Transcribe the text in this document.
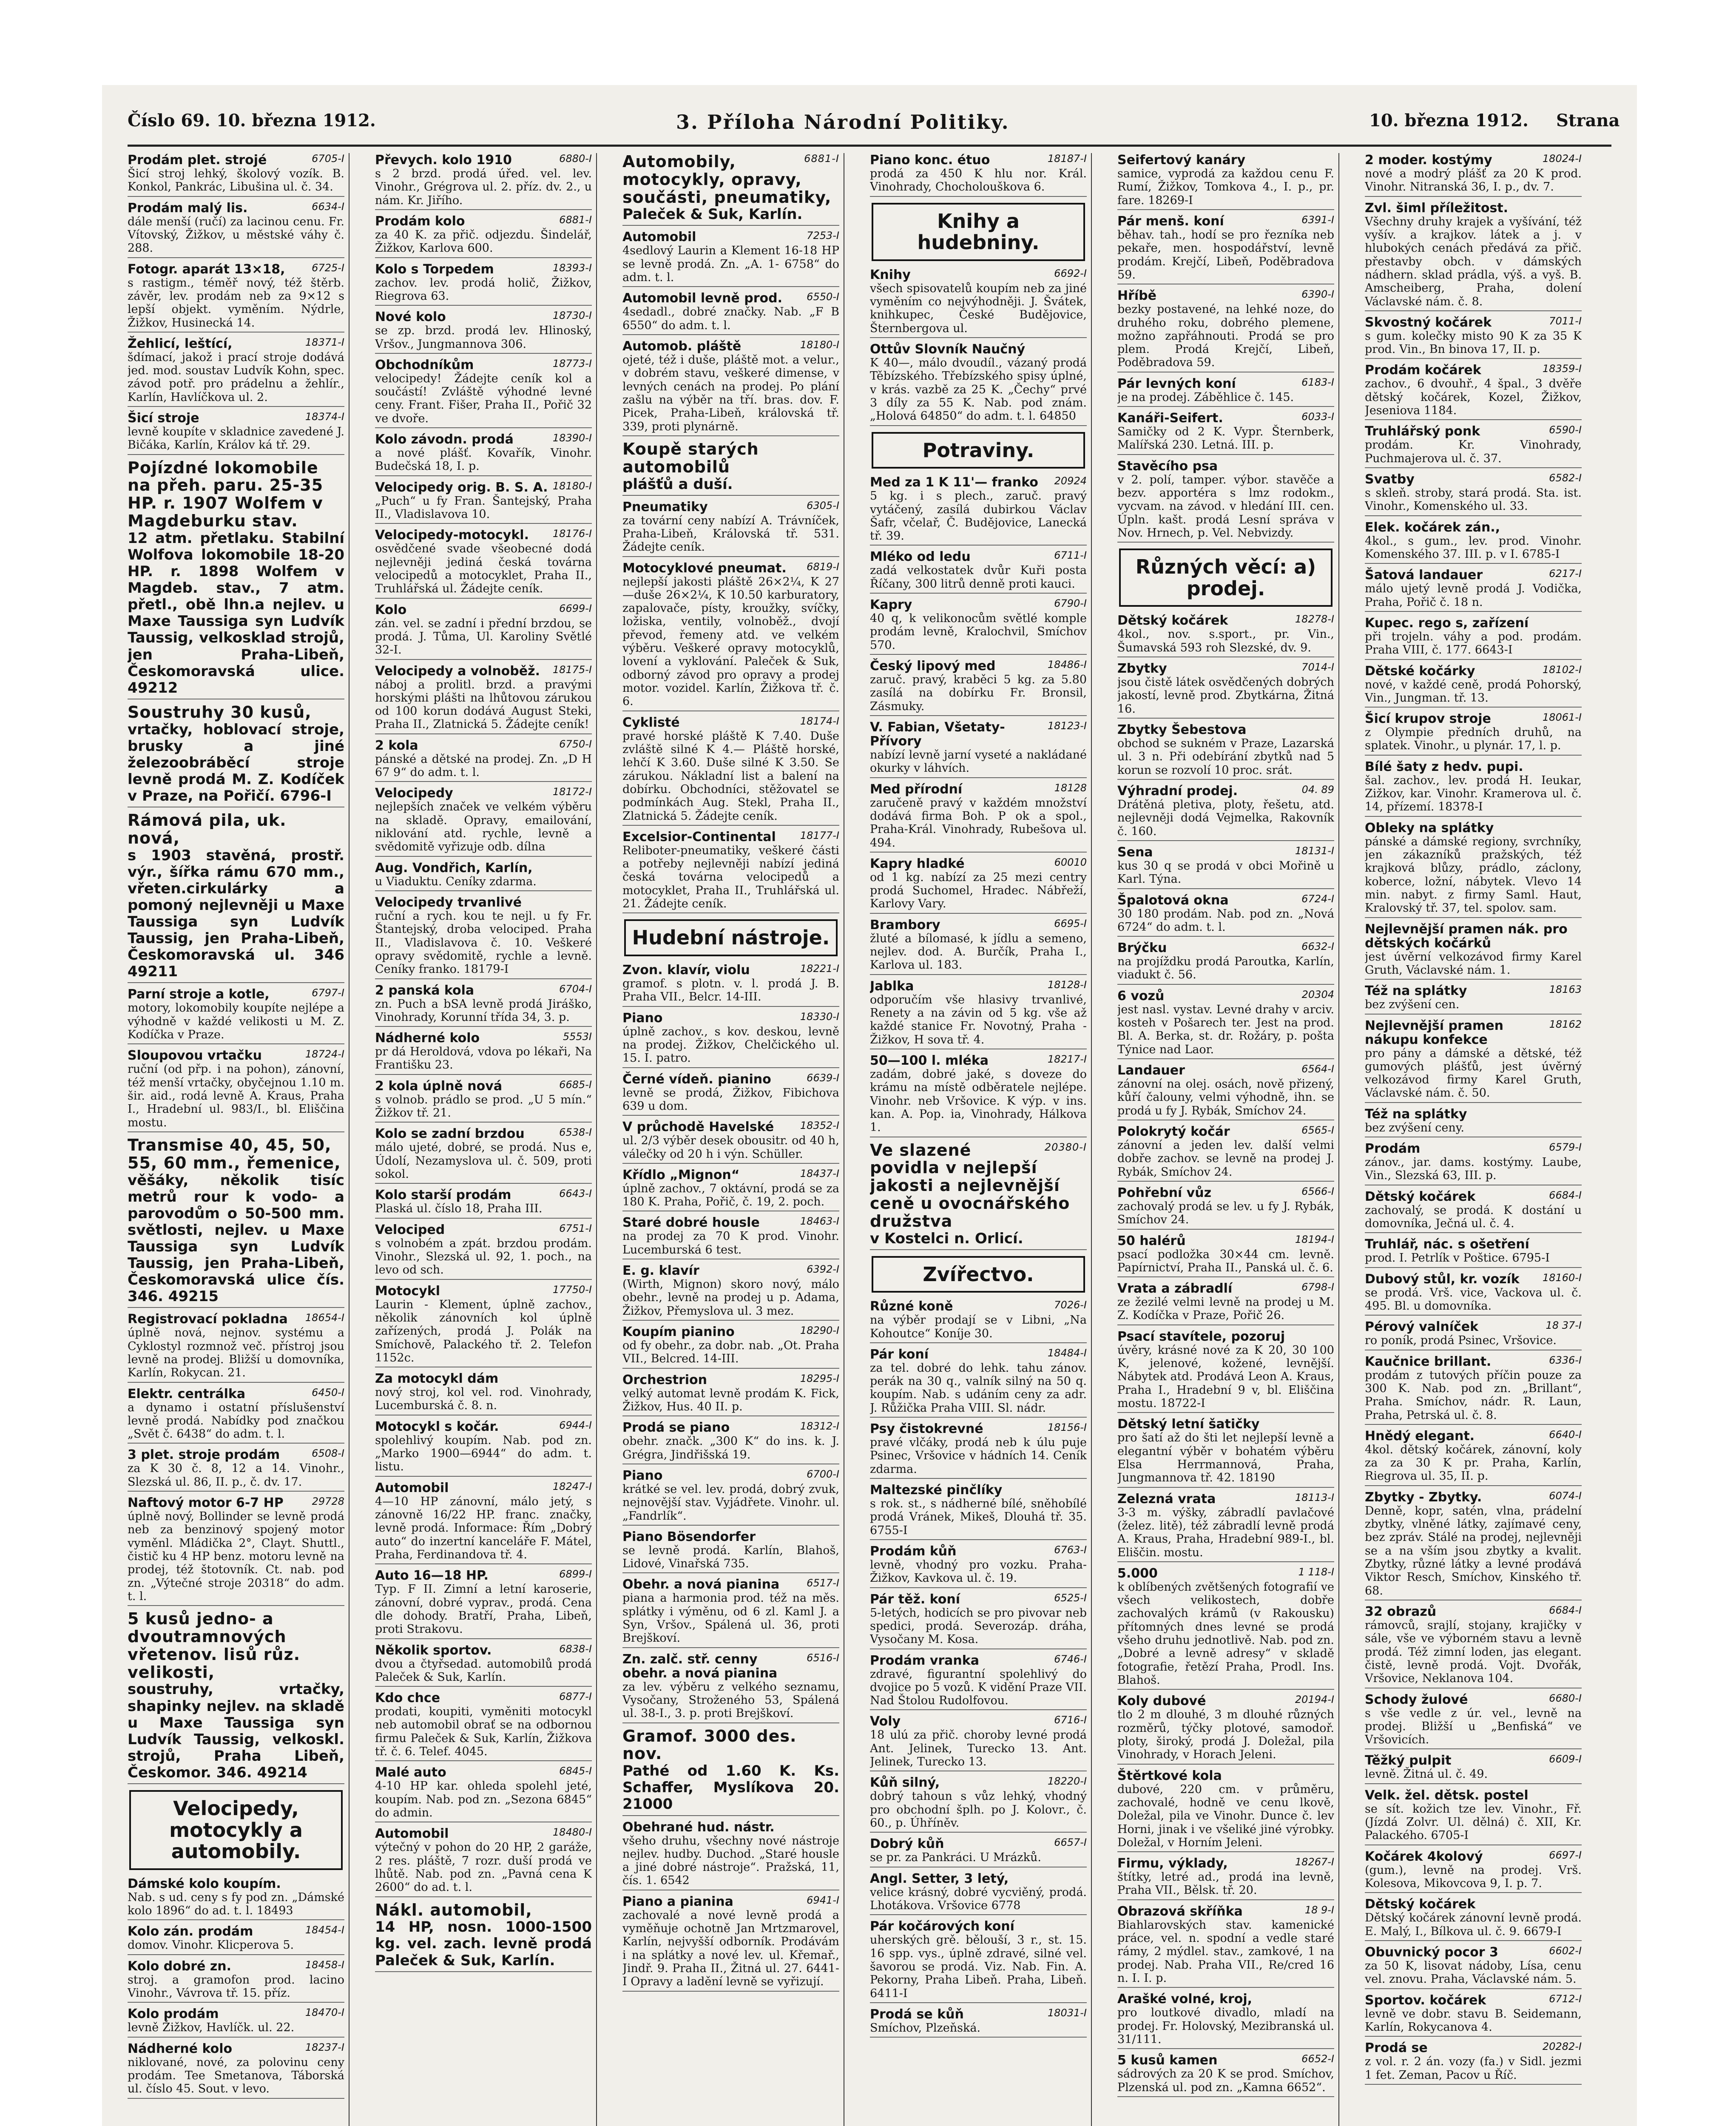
Číslo 69. 10. března 1912.	3. Příloha Národní Politiky.	10. března 1912. Strana
6705-I
Prodám plet. strojé
Šicí stroj lehký, školový vozík. B. Konkol, Pankrác, Libušina ul. č. 34.
6634-I
Prodám malý lis.
dále menší (ručí) za lacinou cenu. Fr. Vítovský, Žižkov, u městské váhy č. 288.
6725-I
Fotogr. aparát 13×18,
s rastigm., téměř nový, též štěrb. závěr, lev. prodám neb za 9×12 s lepší objekt. vyměním. Nýdrle, Žižkov, Husinecká 14.
18371-I
Žehlicí, leštící,
šdímací, jakož i prací stroje dodává jed. mod. soustav Ludvík Kohn, spec. závod potř. pro prádelnu a žehlír., Karlín, Havlíčkova ul. 2.
18374-I
Šicí stroje
levně koupíte v skladnice zavedené J. Bičáka, Karlín, Králov ká tř. 29.
Pojízdné lokomobile na přeh. paru. 25-35 HP. r. 1907 Wolfem v Magdeburku stav.
12 atm. přetlaku. Stabilní Wolfova lokomobile 18-20 HP. r. 1898 Wolfem v Magdeb. stav., 7 atm. přetl., obě lhn.a nejlev. u Maxe Taussiga syn Ludvík Taussig, velkosklad strojů, jen Praha-Libeň, Českomoravská ulice. 49212
Soustruhy 30 kusů,
vrtačky, hoblovací stroje, brusky a jiné železoobráběcí stroje levně prodá M. Z. Kodíček v Praze, na Pořičí. 6796-I
Rámová pila, uk. nová,
s 1903 stavěná, prostř. výr., šířka rámu 670 mm., vřeten.cirkulárky a pomoný nejlevněji u Maxe Taussiga syn Ludvík Taussig, jen Praha-Libeň, Českomoravská ul. 346 49211
6797-I
Parní stroje a kotle,
motory, lokomobily koupíte nejlépe a výhodně v každé velikosti u M. Z. Kodíčka v Praze.
18724-I
Sloupovou vrtačku
ruční (od přp. i na pohon), zánovní, též menší vrtačky, obyčejnou 1.10 m. šir. aid., rodá levně A. Kraus, Praha I., Hradební ul. 983/I., bl. Eliščina mostu.
Transmise 40, 45, 50, 55, 60 mm., řemenice,
věšáky, několik tisíc metrů rour k vodo- a parovodům o 50-500 mm. světlosti, nejlev. u Maxe Taussiga syn Ludvík Taussig, jen Praha-Libeň, Českomoravská ulice čís. 346. 49215
18654-I
Registrovací pokladna
úplně nová, nejnov. systému a Cyklostyl rozmnož več. přístroj jsou levně na prodej. Bližší u domovníka, Karlín, Rokycan. 21.
6450-I
Elektr. centrálka
a dynamo i ostatní příslušenství levně prodá. Nabídky pod značkou „Svět č. 6438“ do adm. t. l.
6508-I
3 plet. stroje prodám
za K 30 č. 8, 12 a 14. Vinohr., Slezská ul. 86, II. p., č. dv. 17.
29728
Naftový motor 6-7 HP
úplně nový, Bollinder se levně prodá neb za benzinový spojený motor vyměnl. Mládička 2°, Clayt. Shuttl., čistič ku 4 HP benz. motoru levně na prodej, též štotovník. Ct. nab. pod zn. „Výtečné stroje 20318“ do adm. t. l.
5 kusů jedno- a dvoutramnových vřetenov. lisů růz. velikosti,
soustruhy, vrtačky, shapinky nejlev. na skladě u Maxe Taussiga syn Ludvík Taussig, velkoskl. strojů, Praha Libeň, Českomor. 346. 49214
Velocipedy, motocykly a automobily.
Dámské kolo koupím.
Nab. s ud. ceny s fy pod zn. „Dámské kolo 1896“ do ad. t. l. 18493
18454-I
Kolo zán. prodám
domov. Vinohr. Klicperova 5.
18458-I
Kolo dobré zn.
stroj. a gramofon prod. lacino Vinohr., Vávrova tř. 15. příz.
18470-I
Kolo prodám
levně Žižkov, Havlíčk. ul. 22.
18237-I
Nádherné kolo
niklované, nové, za polovinu ceny prodám. Tee Smetanova, Táborská ul. číslo 45. Sout. v levo.
6880-I
Převych. kolo 1910
s 2 brzd. prodá úřed. vel. lev. Vinohr., Grégrova ul. 2. příz. dv. 2., u nám. Kr. Jiřího.
6881-I
Prodám kolo
za 40 K. za přič. odjezdu. Šindelář, Žižkov, Karlova 600.
18393-I
Kolo s Torpedem
zachov. lev. prodá holič, Žižkov, Riegrova 63.
18730-I
Nové kolo
se zp. brzd. prodá lev. Hlinoský, Vršov., Jungmannova 306.
18773-I
Obchodníkům
velocipedy! Žádejte ceník kol a součástí! Zvláště výhodné levné ceny. Frant. Fišer, Praha II., Pořič 32 ve dvoře.
18390-I
Kolo závodn. prodá
a nové plášť. Kovařík, Vinohr. Budečská 18, I. p.
18180-I
Velocipedy orig. B. S. A.
„Puch“ u fy Fran. Šantejský, Praha II., Vladislavova 10.
18176-I
Velocipedy-motocykl.
osvědčené svade všeobecné dodá nejlevněji jediná česká továrna velocipedů a motocyklet, Praha II., Truhlářská ul. Žádejte ceník.
6699-I
Kolo
zán. vel. se zadní i přední brzdou, se prodá. J. Tůma, Ul. Karoliny Světlé 32-I.
18175-I
Velocipedy a volnoběž.
náboj a prolitl. brzd. a pravými horskými plášti na lhůtovou zárukou od 100 korun dodává August Steki, Praha II., Zlatnická 5. Žádejte ceník!
6750-I
2 kola
pánské a dětské na prodej. Zn. „D H 67 9“ do adm. t. l.
18172-I
Velocipedy
nejlepších značek ve velkém výběru na skladě. Opravy, emailování, niklování atd. rychle, levně a svědomitě vyřizuje odb. dílna
Aug. Vondřich, Karlín,
u Viaduktu. Ceníky zdarma.
Velocipedy trvanlivé
ruční a rych. kou te nejl. u fy Fr. Štantejský, droba velociped. Praha II., Vladislavova č. 10. Veškeré opravy svědomitě, rychle a levně. Ceníky franko. 18179-I
6704-I
2 panská kola
zn. Puch a bSA levně prodá Jiráško, Vinohrady, Korunní třída 34, 3. p.
5553I
Nádherné kolo
pr dá Heroldová, vdova po lékaři, Na Františku 23.
6685-I
2 kola úplně nová
s volnob. prádlo se prod. „U 5 mín.“ Žižkov tř. 21.
6538-I
Kolo se zadní brzdou
málo ujeté, dobré, se prodá. Nus e, Údolí, Nezamyslova ul. č. 509, proti sokol.
6643-I
Kolo starší prodám
Plaská ul. číslo 18, Praha III.
6751-I
Velociped
s volnobém a zpát. brzdou prodám. Vinohr., Slezská ul. 92, 1. poch., na levo od sch.
17750-I
Motocykl
Laurin - Klement, úplně zachov., několik zánovních kol úplně zařízených, prodá J. Polák na Smíchově, Palackého tř. 2. Telefon 1152c.
Za motocykl dám
nový stroj, kol vel. rod. Vinohrady, Lucemburská č. 8. n.
6944-I
Motocykl s kočár.
spolehlivý koupím. Nab. pod zn. „Marko 1900—6944“ do adm. t. listu.
18247-I
Automobil
4—10 HP zánovní, málo jetý, s zánovně 16/22 HP. franc. značky, levně prodá. Informace: Řím „Dobrý auto“ do inzertní kanceláře F. Mátel, Praha, Ferdinandova tř. 4.
6899-I
Auto 16—18 HP.
Typ. F II. Zimní a letní karoserie, zánovní, dobré vyprav., prodá. Cena dle dohody. Bratří, Praha, Libeň, proti Strakovu.
6838-I
Několik sportov.
dvou a čtyřsedad. automobilů prodá Paleček & Suk, Karlín.
6877-I
Kdo chce
prodati, koupiti, vyměniti motocykl neb automobil obrať se na odbornou firmu Paleček & Suk, Karlín, Žižkova tř. č. 6. Telef. 4045.
6845-I
Malé auto
4-10 HP kar. ohleda spolehl jeté, koupím. Nab. pod zn. „Sezona 6845“ do admin.
18480-I
Automobil
výtečný v pohon do 20 HP, 2 garáže, 2 res. pláště, 7 rozr. duší prodá ve lhůtě. Nab. pod zn. „Pavná cena K 2600“ do ad. t. l.
Nákl. automobil,
14 HP, nosn. 1000-1500 kg. vel. zach. levně prodá Paleček & Suk, Karlín.
6881-I
Automobily, motocykly, opravy, součásti, pneumatiky,
Paleček & Suk, Karlín.
7253-I
Automobil
4sedlový Laurin a Klement 16-18 HP se levně prodá. Zn. „A. 1- 6758“ do adm. t. l.
6550-I
Automobil levně prod.
4sedadl., dobré značky. Nab. „F B 6550“ do adm. t. l.
18180-I
Automob. pláště
ojeté, též i duše, pláště mot. a velur., v dobrém stavu, veškeré dimense, v levných cenách na prodej. Po plání zašlu na výběr na tří. bras. dov. F. Picek, Praha-Libeň, královská tř. 339, proti plynárně.
Koupě starých automobilů
plášťů a duší.
6305-I
Pneumatiky
za tovární ceny nabízí A. Trávníček, Praha-Libeň, Královská tř. 531. Žádejte ceník.
6819-I
Motocyklové pneumat.
nejlepší jakosti pláště 26×2¼, K 27—duše 26×2¼, K 10.50 karburatory, zapalovače, písty, kroužky, svíčky, ložiska, ventily, volnoběž., dvojí převod, řemeny atd. ve velkém výběru. Veškeré opravy motocyklů, lovení a vyklování. Paleček & Suk, odborný závod pro opravy a prodej motor. vozidel. Karlín, Žižkova tř. č. 6.
18174-I
Cyklisté
pravé horské pláště K 7.40. Duše zvláště silné K 4.— Pláště horské, lehčí K 3.60. Duše silné K 3.50. Se zárukou. Nákladní list a balení na dobírku. Obchodníci, stěžovatel se podmínkách Aug. Stekl, Praha II., Zlatnická 5. Žádejte ceník.
18177-I
Excelsior-Continental
Reliboter-pneumatiky, veškeré části a potřeby nejlevněji nabízí jediná česká továrna velocipedů a motocyklet, Praha II., Truhlářská ul. 21. Žádejte ceník.
Hudební nástroje.
18221-I
Zvon. klavír, violu
gramof. s plotn. v. l. prodá J. B. Praha VII., Belcr. 14-III.
18330-I
Piano
úplně zachov., s kov. deskou, levně na prodej. Žižkov, Chelčického ul. 15. I. patro.
6639-I
Černé vídeň. pianino
levně se prodá, Žižkov, Fibichova 639 u dom.
18352-I
V průchodě Havelské
ul. 2/3 výběr desek obousitr. od 40 h, válečky od 20 h i výn. Schüller.
18437-I
Křídlo „Mignon“
úplně zachov., 7 oktávní, prodá se za 180 K. Praha, Pořič, č. 19, 2. poch.
18463-I
Staré dobré housle
na prodej za 70 K prod. Vinohr. Lucemburská 6 test.
6392-I
E. g. klavír
(Wirth, Mignon) skoro nový, málo obehr., levně na prodej u p. Adama, Žižkov, Přemyslova ul. 3 mez.
18290-I
Koupím pianino
od fy obehr., za dobr. nab. „Ot. Praha VII., Belcred. 14-III.
18295-I
Orchestrion
velký automat levně prodám K. Fick, Žižkov, Hus. 40 II. p.
18312-I
Prodá se piano
obehr. značk. „300 K“ do ins. k. J. Grégra, Jindřišská 19.
6700-I
Piano
krátké se vel. lev. prodá, dobrý zvuk, nejnovější stav. Vyjádřete. Vinohr. ul. „Fandrlík“.
Piano Bösendorfer
se levně prodá. Karlín, Blahoš, Lidové, Vinařská 735.
6517-I
Obehr. a nová pianina
piana a harmonia prod. též na měs. splátky i výměnu, od 6 zl. Kaml J. a Syn, Vršov., Spálená ul. 36, proti Brejškoví.
6516-I
Zn. zalč. stř. cenny obehr. a nová pianina
za lev. výběru z velkého seznamu, Vysočany, Stroženého 53, Spálená ul. 38-I., 3. p. proti Brejškoví.
Gramof. 3000 des. nov.
Pathé od 1.60 K. Ks. Schaffer, Myslíkova 20. 21000
Obehrané hud. nástr.
všeho druhu, všechny nové nástroje nejlev. hudby. Duchod. „Staré housle a jiné dobré nástroje“. Pražská, 11, čís. 1. 6542
6941-I
Piano a pianina
zachovalé a nové levně prodá a vyměňuje ochotně Jan Mrtzmarovel, Karlín, nejvyšší odborník. Prodávám i na splátky a nové lev. ul. Křemař., Jindř. 9. Praha II., Žitná ul. 27. 6441-I Opravy a ladění levně se vyřizují.
18187-I
Piano konc. étuo
prodá za 450 K hlu nor. Král. Vinohrady, Chocholouškova 6.
Knihy a hudebniny.
6692-I
Knihy
všech spisovatelů koupím neb za jiné vyměním co nejvýhodněji. J. Švátek, knihkupec, České Budějovice, Šternbergova ul.
Ottův Slovník Naučný
K 40—, málo dvoudíl., vázaný prodá Těbízského. Třebízského spisy úplné, v krás. vazbě za 25 K. „Čechy“ prvé 3 díly za 55 K. Nab. pod znám. „Holová 64850“ do adm. t. l. 64850
Potraviny.
20924
Med za 1 K 11'— franko
5 kg. i s plech., zaruč. pravý vytáčený, zasílá dubirkou Václav Šafr, včelař, Č. Budějovice, Lanecká tř. 39.
6711-I
Mléko od ledu
zadá velkostatek dvůr Kuři posta Říčany, 300 litrů denně proti kauci.
6790-I
Kapry
40 q, k velikonocům světlé komple prodám levně, Kralochvil, Smíchov 570.
18486-I
Český lipový med
zaruč. pravý, kraběci 5 kg. za 5.80 zasílá na dobírku Fr. Bronsil, Zásmuky.
18123-I
V. Fabian, Všetaty-Přívory
nabízí levně jarní vyseté a nakládané okurky v láhvích.
18128
Med přírodní
zaručeně pravý v každém množství dodává firma Boh. P ok a spol., Praha-Král. Vinohrady, Rubešova ul. 494.
60010
Kapry hladké
od 1 kg. nabízí za 25 mezi centry prodá Suchomel, Hradec. Nábřeží, Karlovy Vary.
6695-I
Brambory
žluté a bílomasé, k jídlu a semeno, nejlev. dod. A. Burčík, Praha I., Karlova ul. 183.
18128-I
Jablka
odporučím vše hlasivy trvanlivé, Renety a na závin od 5 kg. vše až každé stanice Fr. Novotný, Praha - Žižkov, H sova tř. 4.
18217-I
50—100 l. mléka
zadám, dobré jaké, s doveze do krámu na místě odběratele nejlépe. Vinohr. neb Vršovice. K výp. v ins. kan. A. Pop. ia, Vinohrady, Hálkova 1.
20380-I
Ve slazené povidla v nejlepší jakosti a nejlevnější ceně u ovocnářského družstva
v Kostelci n. Orlicí.
Zvířectvo.
7026-I
Různé koně
na výběr prodají se v Libni, „Na Kohoutce“ Koníje 30.
18484-I
Pár koní
za tel. dobré do lehk. tahu zánov. perák na 30 q., valník silný na 50 q. koupím. Nab. s udáním ceny za adr. J. Růžička Praha VIII. Sl. nádr.
18156-I
Psy čistokrevné
pravé vlčáky, prodá neb k úlu puje Psinec, Vršovice v hádních 14. Ceník zdarma.
Maltezské pinčlíky
s rok. st., s nádherné bílé, sněhobílé prodá Vránek, Mikeš, Dlouhá tř. 35. 6755-I
6763-I
Prodám kůň
levně, vhodný pro vozku. Praha-Žižkov, Kavkova ul. č. 19.
6525-I
Pár těž. koní
5-letých, hodicích se pro pivovar neb spedici, prodá. Severozáp. dráha, Vysočany M. Kosa.
6746-I
Prodám vranka
zdravé, figurantní spolehlivý do dvojice po 5 vozů. K vidění Praze VII. Nad Štolou Rudolfovou.
6716-I
Voly
18 ulú za přič. choroby levné prodá Ant. Jelinek, Turecko 13. Ant. Jelinek, Turecko 13.
18220-I
Kůň silný,
dobrý tahoun s vůz lehký, vhodný pro obchodní šplh. po J. Kolovr., č. 60., p. Úhříněv.
6657-I
Dobrý kůň
se pr. za Pankráci. U Mrázků.
Angl. Setter, 3 letý,
velice krásný, dobré vycviěný, prodá. Lhotákova. Vršovice 6778
Pár kočárových koní
uherských grě. bělouší, 3 r., st. 15. 16 spp. vys., úplně zdravé, silné vel. šavorou se prodá. Viz. Nab. Fin. A. Pekorny, Praha Libeň. Praha, Libeň. 6411-I
18031-I
Prodá se kůň
Smíchov, Plzeňská.
Seifertový kanáry
samice, vyprodá za každou cenu F. Rumí, Žižkov, Tomkova 4., I. p., pr. fare. 18269-I
6391-I
Pár menš. koní
běhav. tah., hodí se pro řezníka neb pekaře, men. hospodářství, levně prodám. Krejčí, Libeň, Poděbradova 59.
6390-I
Hříbě
bezky postavené, na lehké noze, do druhého roku, dobrého plemene, možno zapřáhnouti. Prodá se pro plem. Prodá Krejčí, Libeň, Poděbradova 59.
6183-I
Pár levných koní
je na prodej. Záběhlice č. 145.
6033-I
Kanáři-Seifert.
Samičky od 2 K. Vypr. Šternberk, Malířská 230. Letná. III. p.
Stavěcího psa
v 2. polí, tamper. výbor. stavěče a bezv. apportéra s lmz rodokm., vycvam. na závod. v hledání III. cen. Úpln. kašt. prodá Lesní správa v Nov. Hrnech, p. Vel. Nebvizdy.
Různých věcí: a) prodej.
18278-I
Dětský kočárek
4kol., nov. s.sport., pr. Vin., Šumavská 593 roh Slezské, dv. 9.
7014-I
Zbytky
jsou čistě látek osvědčených dobrých jakostí, levně prod. Zbytkárna, Žitná 16.
Zbytky Šebestova
obchod se sukném v Praze, Lazarská ul. 3 n. Při odebírání zbytků nad 5 korun se rozvolí 10 proc. srát.
04. 89
Výhradní prodej.
Drátěná pletiva, ploty, řešetu, atd. nejlevněji dodá Vejmelka, Rakovník č. 160.
18131-I
Sena
kus 30 q se prodá v obci Mořině u Karl. Týna.
6724-I
Špalotová okna
30 180 prodám. Nab. pod zn. „Nová 6724“ do adm. t. l.
6632-I
Brýčku
na projíždku prodá Paroutka, Karlín, viadukt č. 56.
20304
6 vozů
jest nasl. vystav. Levné drahy v arciv. kosteh v Pošarech ter. Jest na prod. Bl. A. Berka, st. dr. Rožáry, p. pošta Týnice nad Laor.
6564-I
Landauer
zánovní na olej. osách, nově přizený, kůří čalouny, velmi výhodně, ihn. se prodá u fy J. Rybák, Smíchov 24.
6565-I
Polokrytý kočár
zánovní a jeden lev. další velmi dobře zachov. se levně na prodej J. Rybák, Smíchov 24.
6566-I
Pohřební vůz
zachovalý prodá se lev. u fy J. Rybák, Smíchov 24.
18194-I
50 halérů
psací podložka 30×44 cm. levně. Papírnictví, Praha II., Panská ul. č. 6.
6798-I
Vrata a zábradlí
ze žezilé velmi levně na prodej u M. Z. Kodíčka v Praze, Pořič 26.
Psací stavítele, pozoruj
úvěry, krásné nové za K 20, 30 100 K, jelenové, kožené, levnější. Nábytek atd. Prodává Leon A. Kraus, Praha I., Hradební 9 v, bl. Eliščina mostu. 18722-I
Dětský letní šatičky
pro šatí až do šti let nejlepší levně a elegantní výběr v bohatém výběru Elsa Herrmannová, Praha, Jungmannova tř. 42. 18190
18113-I
Zelezná vrata
3-3 m. výšky, zábradlí pavlačové (želez. litě), též zábradlí levně prodá A. Kraus, Praha, Hradební 989-I., bl. Eliščin. mostu.
1 118-I
5.000
k oblíbených zvětšených fotografií ve všech velikostech, dobře zachovalých krámů (v Rakousku) přítomných dnes levné se prodá všeho druhu jednotlivě. Nab. pod zn. „Dobré a levně adresy“ v skladě fotografie, řetězí Praha, Prodl. Ins. Blahoš.
20194-I
Koly dubové
tlo 2 m dlouhé, 3 m dlouhé různých rozměrů, týčky plotové, samodoř. ploty, široký, prodá J. Doležal, pila Vinohrady, v Horach Jeleni.
Štěrtkové kola
dubové, 220 cm. v průměru, zachovalé, hodně ve cenu lkově, Doležal, pila ve Vinohr. Dunce č. lev Horni, jinak i ve všeliké jiné výrobky. Doležal, v Horním Jeleni.
18267-I
Firmu, výklady,
štítky, letré ad., prodá ina levně, Praha VII., Bělsk. tř. 20.
18 9-I
Obrazová skříňka
Biahlarovských stav. kamenické práce, vel. n. spodní a vedle staré rámy, 2 mýdlel. stav., zamkové, 1 na prodej. Nab. Praha VII., Re/cred 16 n. I. I. p.
Arašké volné, kroj,
pro loutkové divadlo, mladí na prodej. Fr. Holovský, Mezibranská ul. 31/111.
6652-I
5 kusů kamen
sádrových za 20 K se prod. Smíchov, Plzenská ul. pod zn. „Kamna 6652“.
18024-I
2 moder. kostýmy
nové a modrý plášť za 20 K prod. Vinohr. Nitranská 36, I. p., dv. 7.
Zvl. šiml příležitost.
Všechny druhy krajek a vyšívání, též vyšív. a krajkov. látek a j. v hlubokých cenách předává za přič. přestavby obch. v dámských nádhern. sklad prádla, výš. a vyš. B. Amscheiberg, Praha, dolení Václavské nám. č. 8.
7011-I
Skvostný kočárek
s gum. kolečky misto 90 K za 35 K prod. Vin., Bn binova 17, II. p.
18359-I
Prodám kočárek
zachov., 6 dvouhř., 4 špal., 3 dvěře dětský kočárek, Kozel, Žižkov, Jeseniova 1184.
6590-I
Truhlářský ponk
prodám. Kr. Vinohrady, Puchmajerova ul. č. 37.
6582-I
Svatby
s skleň. stroby, stará prodá. Sta. ist. Vinohr., Komenského ul. 33.
Elek. kočárek zán.,
4kol., s gum., lev. prod. Vinohr. Komenského 37. III. p. v I. 6785-I
6217-I
Šatová landauer
málo ujetý levně prodá J. Vodička, Praha, Pořič č. 18 n.
Kupec. rego s, zařízení
při trojeln. váhy a pod. prodám. Praha VIII, č. 177. 6643-I
18102-I
Dětské kočárky
nové, v každé ceně, prodá Pohorský, Vin., Jungman. tř. 13.
18061-I
Šicí krupov stroje
z Olympie předních druhů, na splatek. Vinohr., u plynár. 17, l. p.
Bílé šaty z hedv. pupi.
šal. zachov., lev. prodá H. Ieukar, Zižkov, kar. Vinohr. Kramerova ul. č. 14, přízemí. 18378-I
Obleky na splátky
pánské a dámské regiony, svrchníky, jen zákazníků pražských, též krajková blůzy, prádlo, záclony, koberce, ložní, nábytek. Vlevo 14 min. nabyt. z firmy Saml. Haut, Kralovský tř. 37, tel. spolov. sam.
Nejlevnější pramen nák. pro dětských kočárků
jest úvěrní velkozávod firmy Karel Gruth, Václavské nám. 1.
18163
Též na splátky
bez zvýšení cen.
18162
Nejlevnější pramen nákupu konfekce
pro pány a dámské a dětské, též gumových plášťů, jest úvěrný velkozávod firmy Karel Gruth, Václavské nám. č. 50.
Též na splátky
bez zvýšení ceny.
6579-I
Prodám
zánov., jar. dams. kostýmy. Laube, Vin., Slezská 63, III. p.
6684-I
Dětský kočárek
zachovalý, se prodá. K dostání u domovníka, Ječná ul. č. 4.
Truhlář, nác. s ošetření
prod. I. Petrlík v Poštice. 6795-I
18160-I
Dubový stůl, kr. vozík
se prodá. Vrš. vice, Vackova ul. č. 495. Bl. u domovníka.
18 37-I
Pérový valníček
ro poník, prodá Psinec, Vršovice.
6336-I
Kaučnice brillant.
prodám z tutových příčin pouze za 300 K. Nab. pod zn. „Brillant“, Praha. Smíchov, nádr. R. Laun, Praha, Petrská ul. č. 8.
6640-I
Hnědý elegant.
4kol. dětský kočárek, zánovní, koly za za 30 K pr. Praha, Karlín, Riegrova ul. 35, II. p.
6074-I
Zbytky - Zbytky.
Denně, kopr, satén, vlna, prádelní zbytky, vlněné látky, zajímavé ceny, bez zpráv. Stálé na prodej, nejlevněji se a na vším jsou zbytky a kvalit. Zbytky, různé látky a levné prodává Viktor Resch, Smíchov, Kinského tř. 68.
6684-I
32 obrazů
rámovců, srajlí, stojany, krajičky v sále, vše ve výborném stavu a levně prodá. Též zimní loden, jas elegant. čistě, levně prodá. Vojt. Dvořák, Vršovice, Neklanova 104.
6680-I
Schody žulové
s vše vedle z úr. vel., levně na prodej. Bližší u „Benfiská“ ve Vršovicích.
6609-I
Těžký pulpit
levně. Žitná ul. č. 49.
Velk. žel. dětsk. postel
se sít. kožich tze lev. Vinohr., Fř. (Jízdá Zolvr. Ul. dělná) č. XII, Kr. Palackého. 6705-I
6697-I
Kočárek 4kolový
(gum.), levně na prodej. Vrš. Kolesova, Mikovcova 9, I. p. 7.
Dětský kočárek
Dětský kočárek zánovní levně prodá. E. Malý, I., Bílkova ul. č. 9. 6679-I
6602-I
Obuvnický pocor 3
za 50 K, lisovat nádoby, Lísa, cenu vel. znovu. Praha, Václavské nám. 5.
6712-I
Sportov. kočárek
levně ve dobr. stavu B. Seidemann, Karlín, Rokycanova 4.
20282-I
Prodá se
z vol. r. 2 án. vozy (fa.) v Sidl. jezmi 1 fet. Zeman, Pacov u Říč.
